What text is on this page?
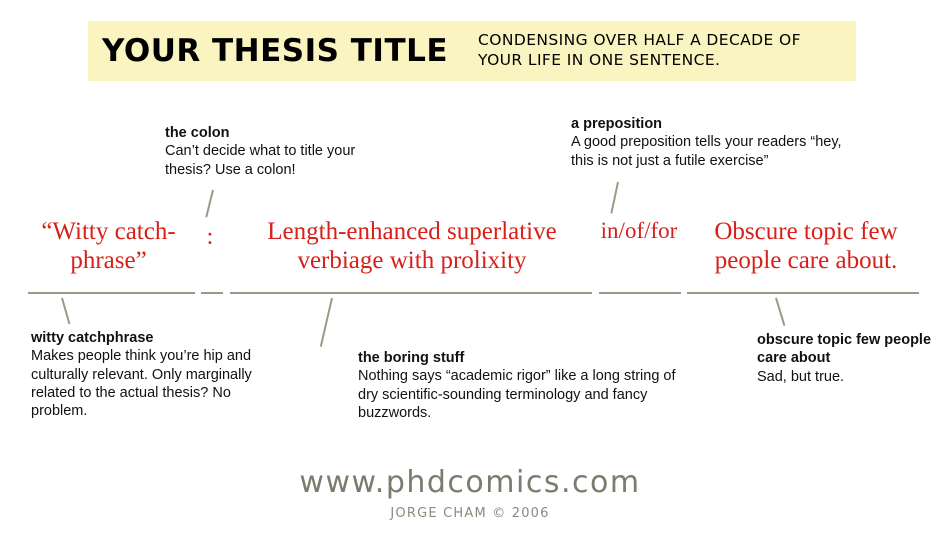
YOUR THESIS TITLE CONDENSING OVER HALF A DECADE OF
YOUR LIFE IN ONE SENTENCE.
the colon
Can’t decide what to title your thesis? Use a colon!
a preposition
A good preposition tells your readers “hey, this is not just a futile exercise”
“Witty catch-phrase”
:	Length-enhanced superlative verbiage with prolixity
in/of/for	Obscure topic few people care about.
witty catchphrase
Makes people think you’re hip and culturally relevant. Only marginally related to the actual thesis? No problem.
the boring stuff
Nothing says “academic rigor” like a long string of dry scientific-sounding terminology and fancy buzzwords.
obscure topic few people care about
Sad, but true.
www.phdcomics.com
JORGE CHAM © 2006
